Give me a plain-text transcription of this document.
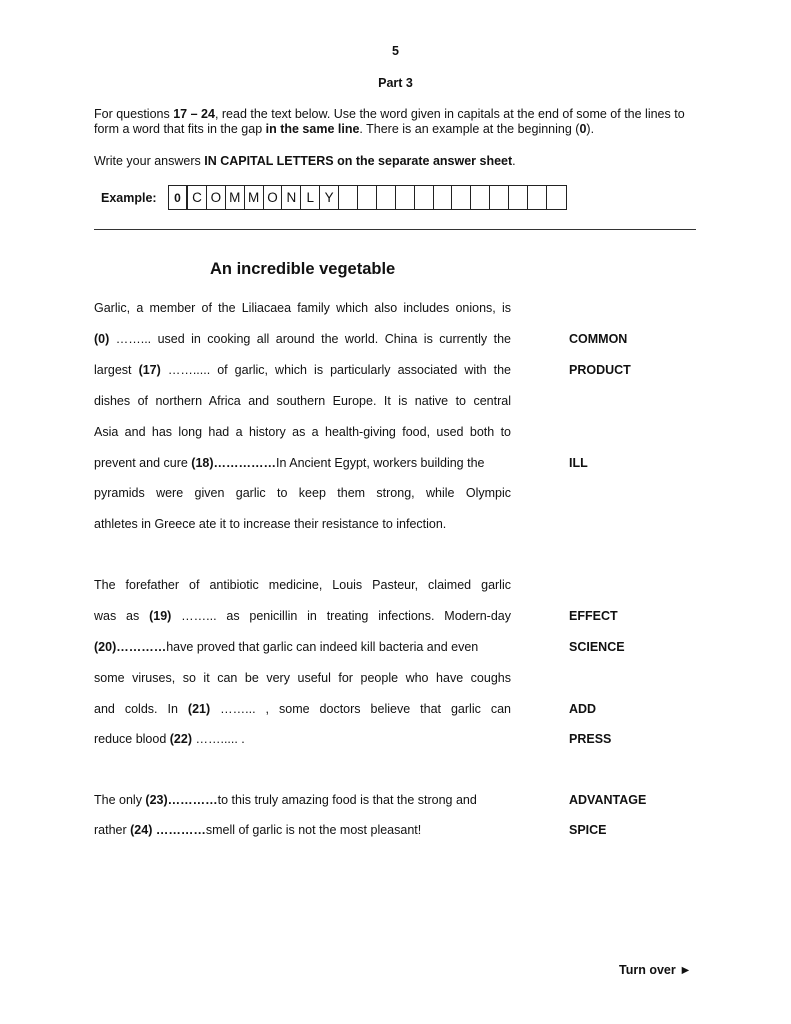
5
Part 3
For questions 17 – 24, read the text below. Use the word given in capitals at the end of some of the lines to form a word that fits in the gap in the same line. There is an example at the beginning (0).
Write your answers IN CAPITAL LETTERS on the separate answer sheet.
Example:	0 C O M M O N L Y
An incredible vegetable
Garlic, a member of the Liliacaea family which also includes onions, is
(0) ……... used in cooking all around the world. China is currently the	COMMON
largest (17) ……..... of garlic, which is particularly associated with the	PRODUCT
dishes of northern Africa and southern Europe. It is native to central
Asia and has long had a history as a health-giving food, used both to
prevent and cure (18)……………In Ancient Egypt, workers building the	ILL
pyramids were given garlic to keep them strong, while Olympic
athletes in Greece ate it to increase their resistance to infection.
The forefather of antibiotic medicine, Louis Pasteur, claimed garlic
was as (19) ……... as penicillin in treating infections. Modern-day	EFFECT
(20)…………have proved that garlic can indeed kill bacteria and even	SCIENCE
some viruses, so it can be very useful for people who have coughs
and colds. In (21) ……... , some doctors believe that garlic can	ADD
reduce blood (22) ……..... .	PRESS
The only (23)…………to this truly amazing food is that the strong and	ADVANTAGE
rather (24) …………smell of garlic is not the most pleasant!	SPICE
Turn over ►
